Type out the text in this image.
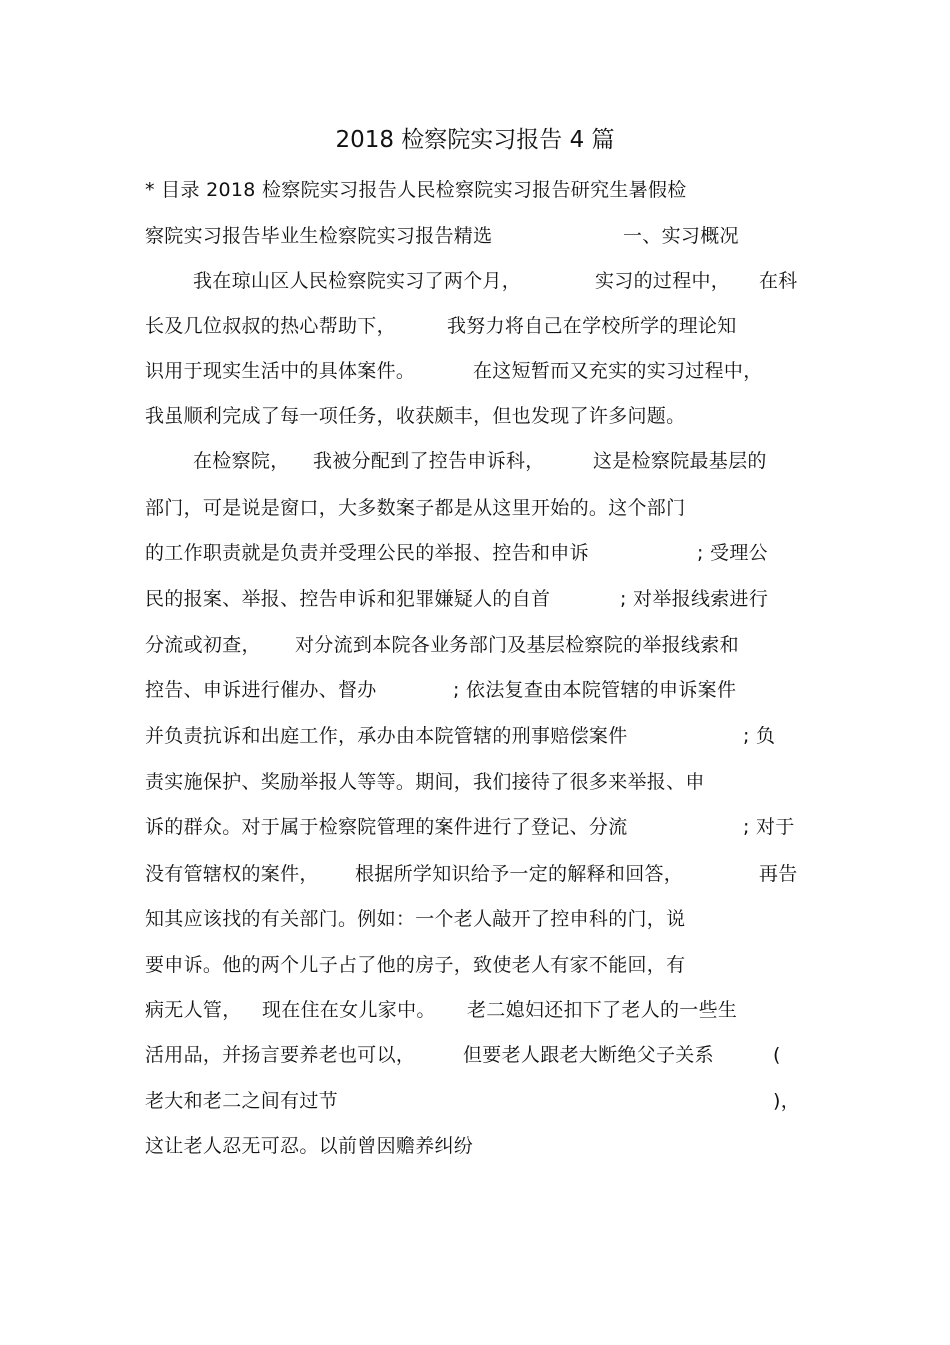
2018 检察院实习报告 4 篇
* 目录 2018 检察院实习报告人民检察院实习报告研究生暑假检
察院实习报告毕业生检察院实习报告精选	一、实习概况
我在琼山区人民检察院实习了两个月，	实习的过程中， 在科
长及几位叔叔的热心帮助下，	我努力将自己在学校所学的理论知
识用于现实生活中的具体案件。	在这短暂而又充实的实习过程中，
我虽顺利完成了每一项任务，收获颇丰，但也发现了许多问题。
在检察院， 我被分配到了控告申诉科，	这是检察院最基层的
部门，可是说是窗口，大多数案子都是从这里开始的。这个部门
的工作职责就是负责并受理公民的举报、控告和申诉	; 受理公
民的报案、举报、控告申诉和犯罪嫌疑人的自首	; 对举报线索进行
分流或初查， 对分流到本院各业务部门及基层检察院的举报线索和
控告、申诉进行催办、督办	; 依法复查由本院管辖的申诉案件
并负责抗诉和出庭工作，承办由本院管辖的刑事赔偿案件	; 负
责实施保护、奖励举报人等等。期间，我们接待了很多来举报、申
诉的群众。对于属于检察院管理的案件进行了登记、分流	; 对于
没有管辖权的案件， 根据所学知识给予一定的解释和回答，	再告
知其应该找的有关部门。例如：一个老人敲开了控申科的门，说
要申诉。他的两个儿子占了他的房子，致使老人有家不能回，有
病无人管， 现在住在女儿家中。 老二媳妇还扣下了老人的一些生
活用品，并扬言要养老也可以，	但要老人跟老大断绝父子关系	(
老大和老二之间有过节	)，
这让老人忍无可忍。以前曾因赡养纠纷
